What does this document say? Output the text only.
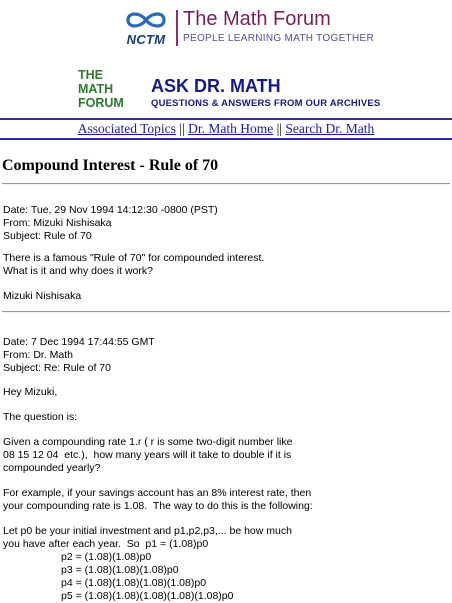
NCTM
The Math Forum
PEOPLE LEARNING MATH TOGETHER
THE
MATH
FORUM
ASK DR. MATH
QUESTIONS & ANSWERS FROM OUR ARCHIVES
Associated Topics || Dr. Math Home || Search Dr. Math
Compound Interest - Rule of 70
Date: Tue, 29 Nov 1994 14:12:30 -0800 (PST)
From: Mizuki Nishisaka
Subject: Rule of 70
There is a famous "Rule of 70" for compounded interest.
What is it and why does it work?
Mizuki Nishisaka
Date: 7 Dec 1994 17:44:55 GMT
From: Dr. Math
Subject: Re: Rule of 70
Hey Mizuki,
The question is:
Given a compounding rate 1.r ( r is some two-digit number like
08 15 12 04  etc.),  how many years will it take to double if it is
compounded yearly?
For example, if your savings account has an 8% interest rate, then
your compounding rate is 1.08.  The way to do this is the following:
Let p0 be your initial investment and p1,p2,p3,... be how much
you have after each year.  So  p1 = (1.08)p0
p2 = (1.08)(1.08)p0
p3 = (1.08)(1.08)(1.08)p0
p4 = (1.08)(1.08)(1.08)(1.08)p0
p5 = (1.08)(1.08)(1.08)(1.08)(1.08)p0
